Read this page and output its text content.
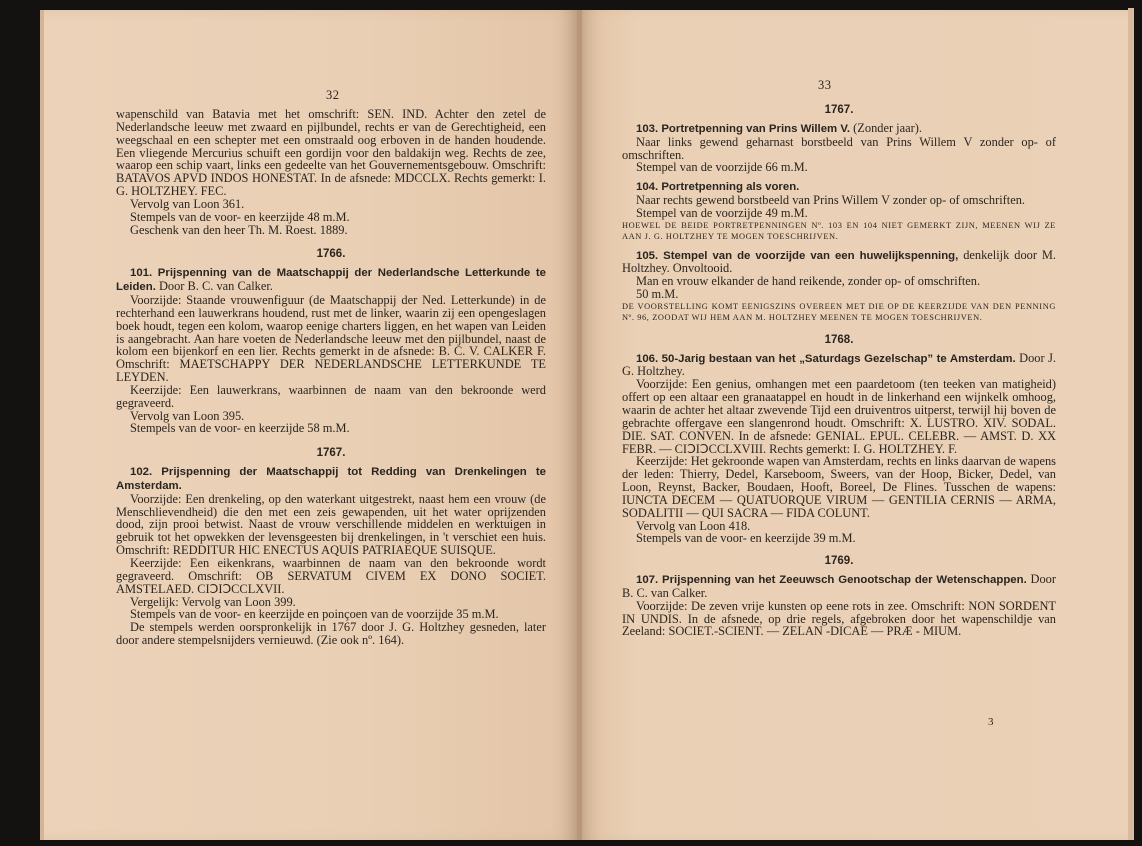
32

wapenschild van Batavia met het omschrift: SEN. IND. Achter den zetel de Nederlandsche leeuw met zwaard en pijlbundel, rechts er van de Gerechtigheid, een weegschaal en een schepter met een omstraald oog erboven in de handen houdende. Een vliegende Mercurius schuift een gordijn voor den baldakijn weg. Rechts de zee, waarop een schip vaart, links een gedeelte van het Gouvernementsgebouw. Omschrift: BATAVOS APVD INDOS HONESTAT. In de afsnede: MDCCLX. Rechts gemerkt: I. G. HOLTZHEY. FEC.

Vervolg van Loon 361.

Stempels van de voor- en keerzijde 48 m.M.

Geschenk van den heer Th. M. Roest. 1889.

1766.

101. Prijspenning van de Maatschappij der Nederlandsche Letterkunde te Leiden. Door B. C. van Calker.

Voorzijde: Staande vrouwenfiguur (de Maatschappij der Ned. Letterkunde) in de rechterhand een lauwerkrans houdend, rust met de linker, waarin zij een opengeslagen boek houdt, tegen een kolom, waarop eenige charters liggen, en het wapen van Leiden is aangebracht. Aan hare voeten de Nederlandsche leeuw met den pijlbundel, naast de kolom een bijenkorf en een lier. Rechts gemerkt in de afsnede: B. C. V. CALKER F. Omschrift: MAETSCHAPPY DER NEDERLANDSCHE LETTERKUNDE TE LEYDEN.

Keerzijde: Een lauwerkrans, waarbinnen de naam van den bekroonde werd gegraveerd.

Vervolg van Loon 395.

Stempels van de voor- en keerzijde 58 m.M.

1767.

102. Prijspenning der Maatschappij tot Redding van Drenkelingen te Amsterdam.

Voorzijde: Een drenkeling, op den waterkant uitgestrekt, naast hem een vrouw (de Menschlievendheid) die den met een zeis gewapenden, uit het water oprijzenden dood, zijn prooi betwist. Naast de vrouw verschillende middelen en werktuigen in gebruik tot het opwekken der levensgeesten bij drenkelingen, in 't verschiet een huis. Omschrift: REDDITUR HIC ENECTUS AQUIS PATRIAEQUE SUISQUE.

Keerzijde: Een eikenkrans, waarbinnen de naam van den bekroonde wordt gegraveerd. Omschrift: OB SERVATUM CIVEM EX DONO SOCIET. AMSTELAED. CIↃIↃCCLXVII.

Vergelijk: Vervolg van Loon 399.

Stempels van de voor- en keerzijde en poinçoen van de voorzijde 35 m.M.

De stempels werden oorspronkelijk in 1767 door J. G. Holtzhey gesneden, later door andere stempelsnijders vernieuwd. (Zie ook nº. 164).

33
1767.

103. Portretpenning van Prins Willem V. (Zonder jaar).

Naar links gewend geharnast borstbeeld van Prins Willem V zonder op- of omschriften.

Stempel van de voorzijde 66 m.M.

104. Portretpenning als voren.

Naar rechts gewend borstbeeld van Prins Willem V zonder op- of omschriften.

Stempel van de voorzijde 49 m.M.

HOEWEL DE BEIDE PORTRETPENNINGEN Nº. 103 EN 104 NIET GEMERKT ZIJN, MEENEN WIJ ZE AAN J. G. HOLTZHEY TE MOGEN TOESCHRIJVEN.

105. Stempel van de voorzijde van een huwelijkspenning, denkelijk door M. Holtzhey. Onvoltooid.

Man en vrouw elkander de hand reikende, zonder op- of omschriften.

50 m.M.

DE VOORSTELLING KOMT EENIGSZINS OVEREEN MET DIE OP DE KEERZIJDE VAN DEN PENNING Nº. 96, ZOODAT WIJ HEM AAN M. HOLTZHEY MEENEN TE MOGEN TOESCHRIJVEN.

1768.

106. 50-Jarig bestaan van het „Saturdags Gezelschap” te Amsterdam. Door J. G. Holtzhey.

Voorzijde: Een genius, omhangen met een paardetoom (ten teeken van matigheid) offert op een altaar een granaatappel en houdt in de linkerhand een wijnkelk omhoog, waarin de achter het altaar zwevende Tijd een druiventros uitperst, terwijl hij boven de gebrachte offergave een slangenrond houdt. Omschrift: X. LUSTRO. XIV. SODAL. DIE. SAT. CONVEN. In de afsnede: GENIAL. EPUL. CELEBR. — AMST. D. XX FEBR. — CIↃIↃCCLXVIII. Rechts gemerkt: I. G. HOLTZHEY. F.

Keerzijde: Het gekroonde wapen van Amsterdam, rechts en links daarvan de wapens der leden: Thierry, Dedel, Karseboom, Sweers, van der Hoop, Bicker, Dedel, van Loon, Reynst, Backer, Boudaen, Hooft, Boreel, De Flines. Tusschen de wapens: IUNCTA DECEM — QUATUORQUE VIRUM — GENTILIA CERNIS — ARMA, SODALITII — QUI SACRA — FIDA COLUNT.

Vervolg van Loon 418.

Stempels van de voor- en keerzijde 39 m.M.

1769.

107. Prijspenning van het Zeeuwsch Genootschap der Wetenschappen. Door B. C. van Calker.

Voorzijde: De zeven vrije kunsten op eene rots in zee. Omschrift: NON SORDENT IN UNDIS. In de afsnede, op drie regels, afgebroken door het wapenschildje van Zeeland: SOCIET.-SCIENT. — ZELAN -DICAE — PRÆ - MIUM.

3
